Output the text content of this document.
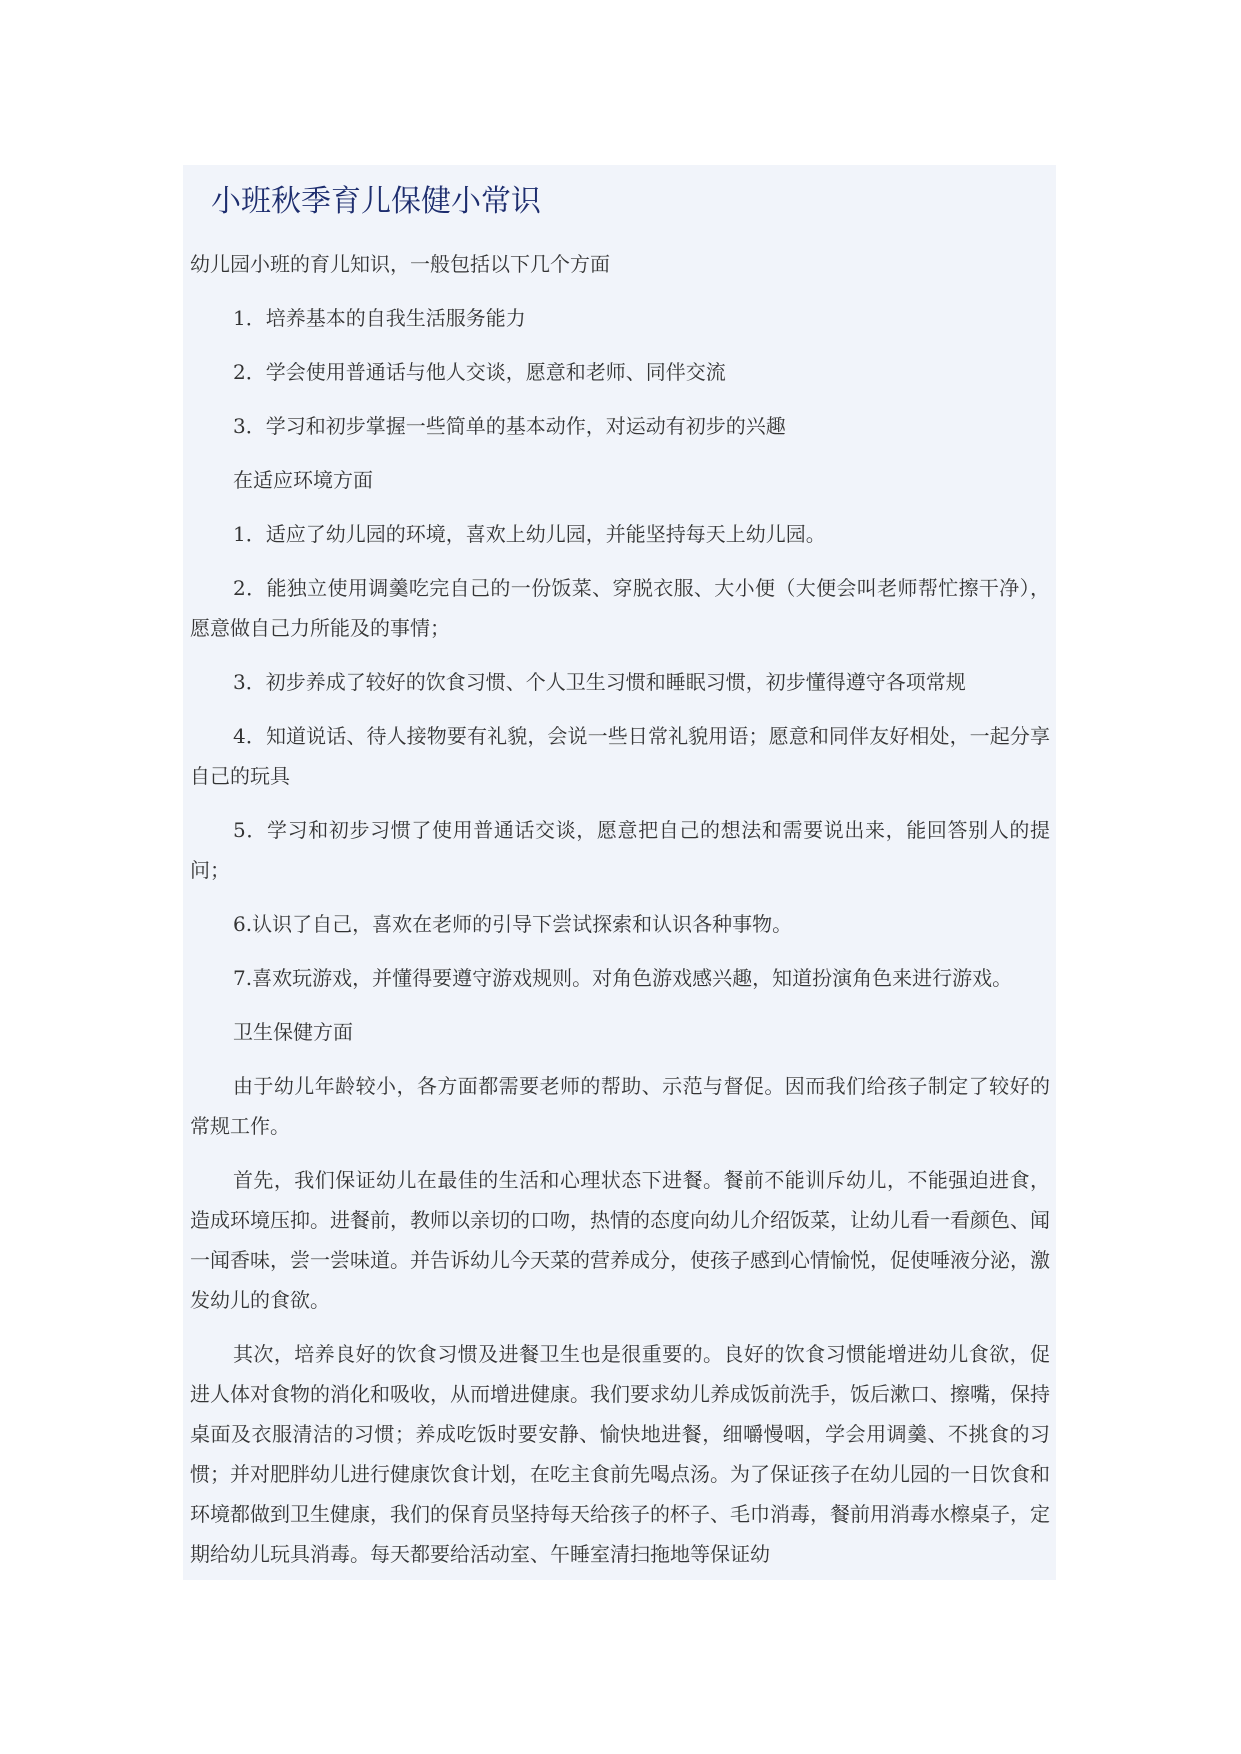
小班秋季育儿保健小常识

幼儿园小班的育儿知识，一般包括以下几个方面

1．培养基本的自我生活服务能力

2．学会使用普通话与他人交谈，愿意和老师、同伴交流

3．学习和初步掌握一些简单的基本动作，对运动有初步的兴趣

在适应环境方面

1．适应了幼儿园的环境，喜欢上幼儿园，并能坚持每天上幼儿园。

2．能独立使用调羹吃完自己的一份饭菜、穿脱衣服、大小便（大便会叫老师帮忙擦干净），愿意做自己力所能及的事情；

3．初步养成了较好的饮食习惯、个人卫生习惯和睡眠习惯，初步懂得遵守各项常规

4．知道说话、待人接物要有礼貌，会说一些日常礼貌用语；愿意和同伴友好相处，一起分享自己的玩具

5．学习和初步习惯了使用普通话交谈，愿意把自己的想法和需要说出来，能回答别人的提问；

6.认识了自己，喜欢在老师的引导下尝试探索和认识各种事物。

7.喜欢玩游戏，并懂得要遵守游戏规则。对角色游戏感兴趣，知道扮演角色来进行游戏。

卫生保健方面

由于幼儿年龄较小，各方面都需要老师的帮助、示范与督促。因而我们给孩子制定了较好的常规工作。

首先，我们保证幼儿在最佳的生活和心理状态下进餐。餐前不能训斥幼儿，不能强迫进食，造成环境压抑。进餐前，教师以亲切的口吻，热情的态度向幼儿介绍饭菜，让幼儿看一看颜色、闻一闻香味，尝一尝味道。并告诉幼儿今天菜的营养成分，使孩子感到心情愉悦，促使唾液分泌，激发幼儿的食欲。

其次，培养良好的饮食习惯及进餐卫生也是很重要的。良好的饮食习惯能增进幼儿食欲，促进人体对食物的消化和吸收，从而增进健康。我们要求幼儿养成饭前洗手，饭后漱口、擦嘴，保持桌面及衣服清洁的习惯；养成吃饭时要安静、愉快地进餐，细嚼慢咽，学会用调羹、不挑食的习惯；并对肥胖幼儿进行健康饮食计划，在吃主食前先喝点汤。为了保证孩子在幼儿园的一日饮食和环境都做到卫生健康，我们的保育员坚持每天给孩子的杯子、毛巾消毒，餐前用消毒水檫桌子，定期给幼儿玩具消毒。每天都要给活动室、午睡室清扫拖地等保证幼
